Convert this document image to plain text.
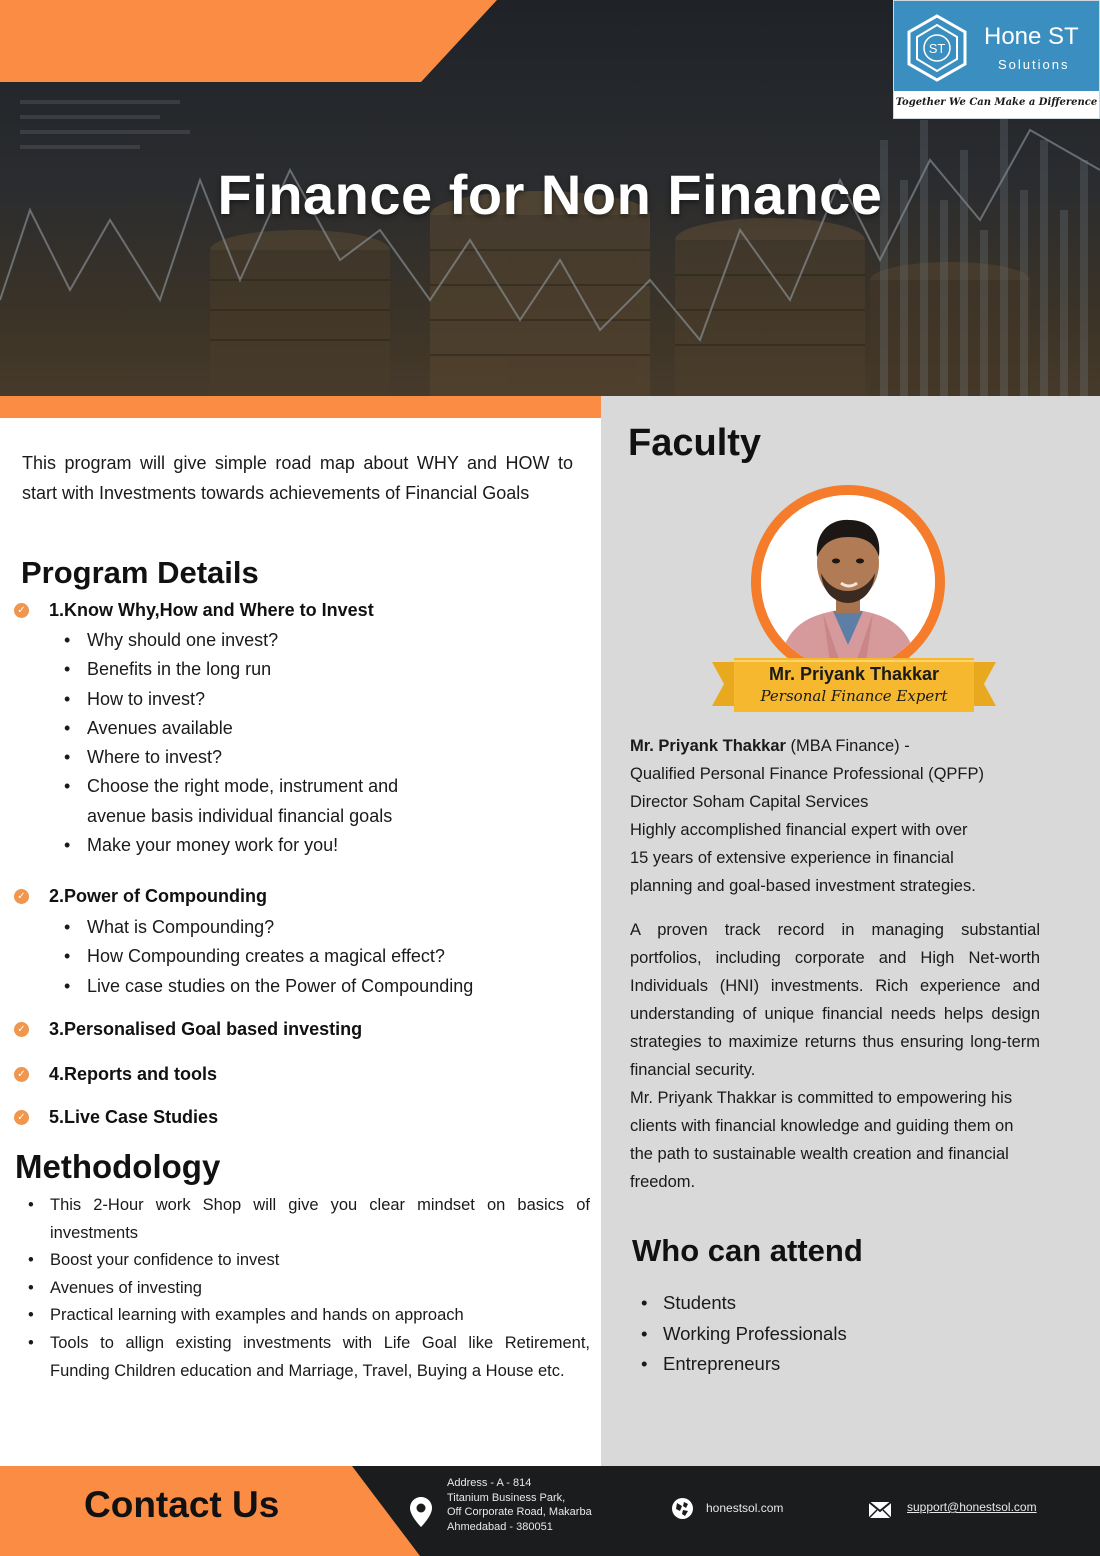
Finance for Non Finance
ST Hone ST
Solutions
Together We Can Make a Difference
This program will give simple road map about WHY and HOW to start with Investments towards achievements of Financial Goals
Program Details
✓ 1.Know Why,How and Where to Invest
• Why should one invest?
• Benefits in the long run
• How to invest?
• Avenues available
• Where to invest?
• Choose the right mode, instrument and
avenue basis individual financial goals
• Make your money work for you!
✓ 2.Power of Compounding
• What is Compounding?
• How Compounding creates a magical effect?
• Live case studies on the Power of Compounding
✓ 3.Personalised Goal based investing
✓ 4.Reports and tools
✓ 5.Live Case Studies
Methodology
• This 2-Hour work Shop will give you clear mindset on basics of investments
• Boost your confidence to invest
• Avenues of investing
• Practical learning with examples and hands on approach
• Tools to allign existing investments with Life Goal like Retirement, Funding Children education and Marriage, Travel, Buying a House etc.
Faculty
Mr. Priyank Thakkar
Personal Finance Expert

Mr. Priyank Thakkar (MBA Finance) -

Qualified Personal Finance Professional (QPFP)

Director Soham Capital Services

Highly accomplished financial expert with over

15 years of extensive experience in financial

planning and goal-based investment strategies.

A proven track record in managing substantial portfolios, including corporate and High Net-worth Individuals (HNI) investments. Rich experience and understanding of unique financial needs helps design strategies to maximize returns thus ensuring long-term financial security.

Mr. Priyank Thakkar is committed to empowering his clients with financial knowledge and guiding them on the path to sustainable wealth creation and financial freedom.

Who can attend
• Students
• Working Professionals
• Entrepreneurs
Contact Us
Address - A - 814
Titanium Business Park,
Off Corporate Road, Makarba
Ahmedabad - 380051
honestsol.com	support@honestsol.com
